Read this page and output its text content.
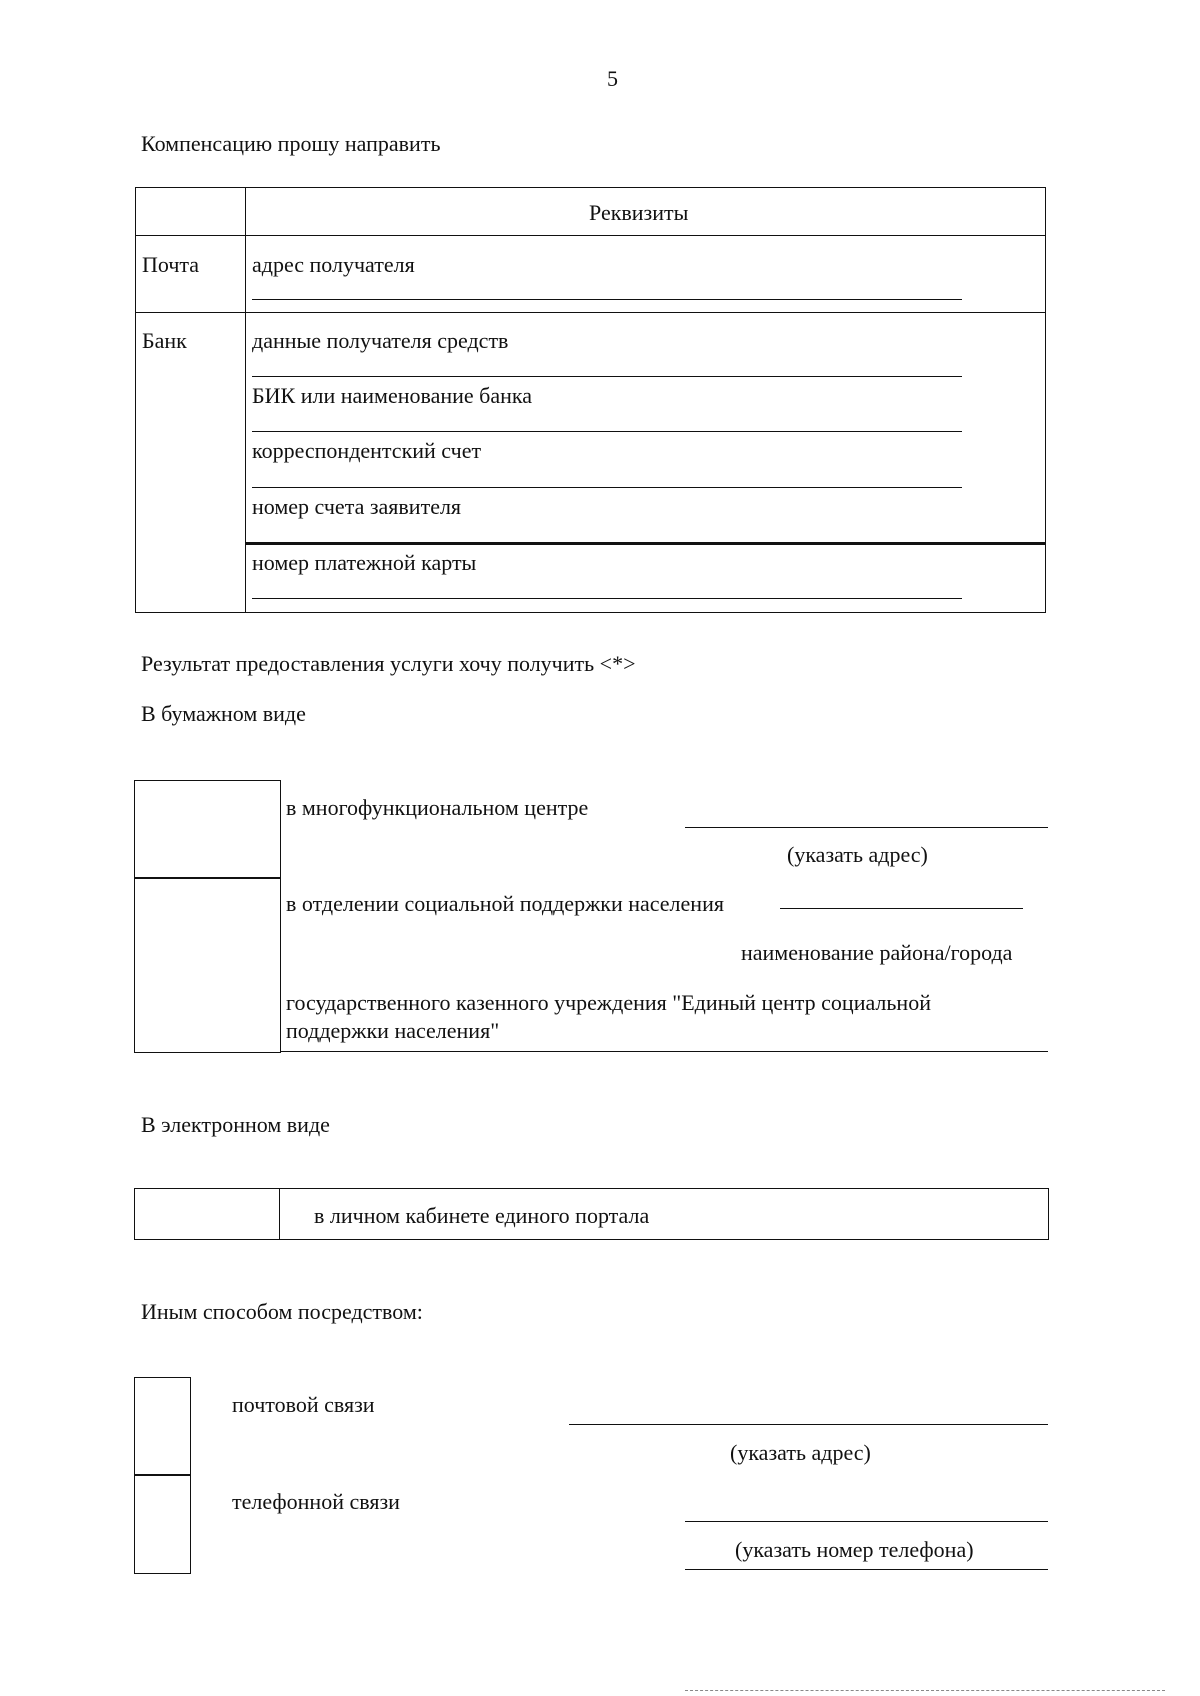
5
Компенсацию прошу направить
Реквизиты
Почта адрес получателя
Банк	данные получателя средств
БИК или наименование банка
корреспондентский счет
номер счета заявителя
номер платежной карты
Результат предоставления услуги хочу получить <*>
В бумажном виде
в многофункциональном центре
(указать адрес)
в отделении социальной поддержки населения
наименование района/города
государственного казенного учреждения "Единый центр социальной
поддержки населения"
В электронном виде
в личном кабинете единого портала
Иным способом посредством:
почтовой связи
(указать адрес)
телефонной связи
(указать номер телефона)
